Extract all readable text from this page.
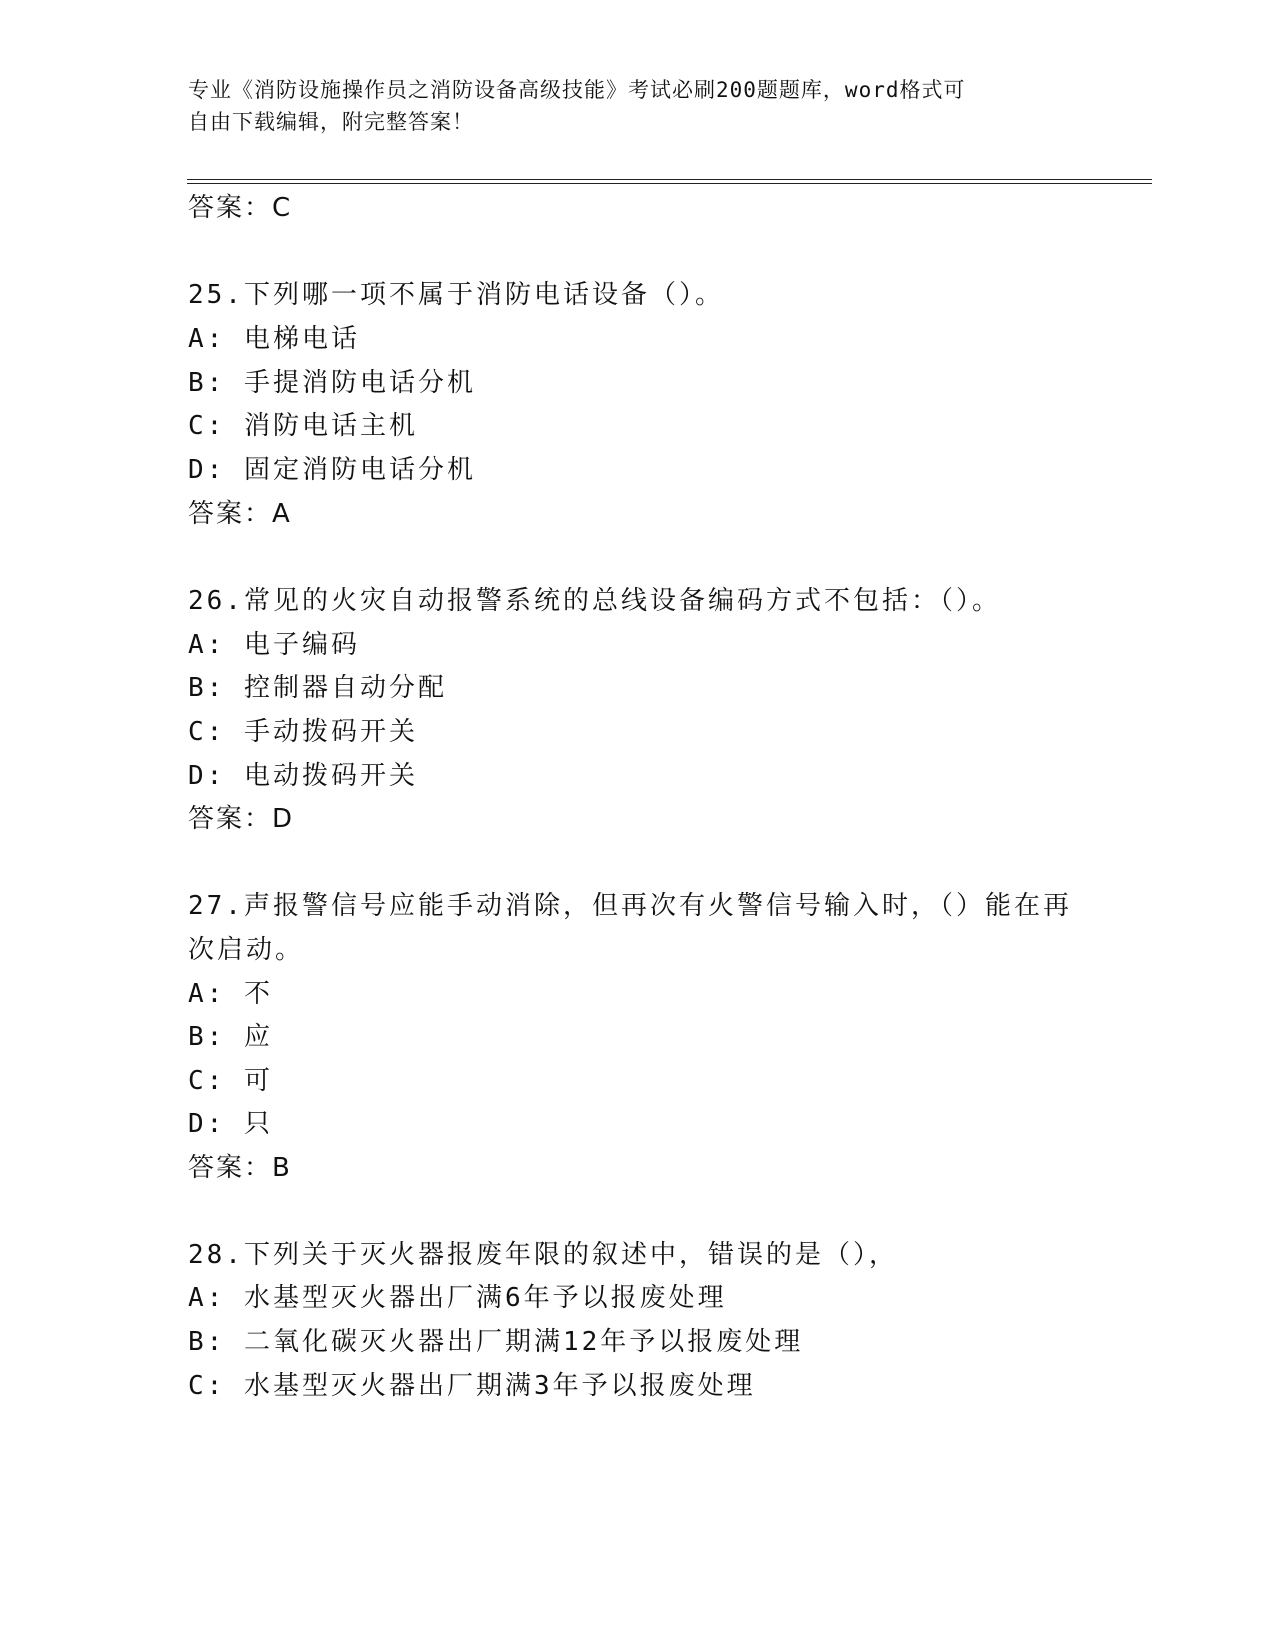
专业《消防设施操作员之消防设备高级技能》考试必刷200题题库，word格式可
自由下载编辑，附完整答案！
答案：C
25.下列哪一项不属于消防电话设备（）。
A: 电梯电话
B: 手提消防电话分机
C: 消防电话主机
D: 固定消防电话分机
答案：A
26.常见的火灾自动报警系统的总线设备编码方式不包括：（）。
A: 电子编码
B: 控制器自动分配
C: 手动拨码开关
D: 电动拨码开关
答案：D
27.声报警信号应能手动消除，但再次有火警信号输入时，（）能在再
次启动。
A: 不
B: 应
C: 可
D: 只
答案：B
28.下列关于灭火器报废年限的叙述中，错误的是（），
A: 水基型灭火器出厂满6年予以报废处理
B: 二氧化碳灭火器出厂期满12年予以报废处理
C: 水基型灭火器出厂期满3年予以报废处理
